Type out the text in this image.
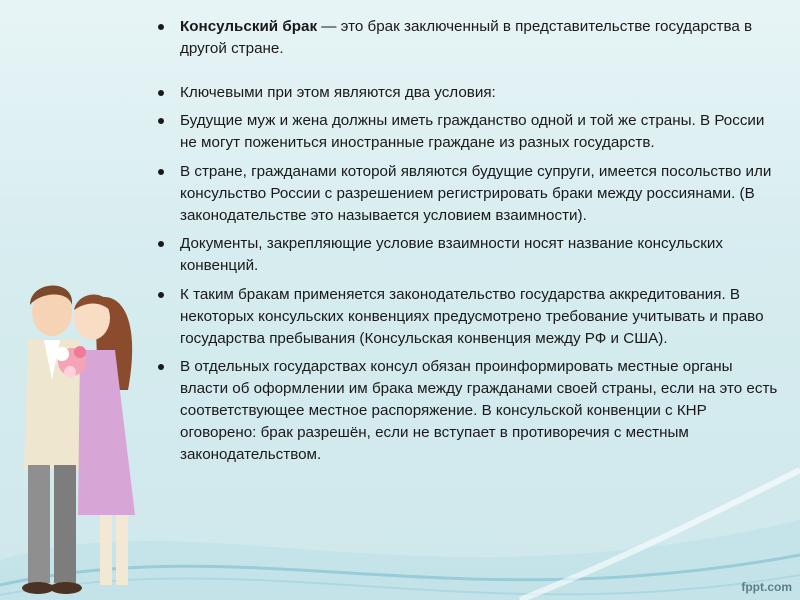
Консульский брак — это брак заключенный в представительстве государства в другой стране.
Ключевыми при этом являются два условия:
Будущие муж и жена должны иметь гражданство одной и той же страны. В России не могут пожениться иностранные граждане из разных государств.
В стране, гражданами которой являются будущие супруги, имеется посольство или консульство России с разрешением регистрировать браки между россиянами. (В законодательстве это называется условием взаимности).
Документы, закрепляющие условие взаимности носят название консульских конвенций.
К таким бракам применяется законодательство государства аккредитования. В некоторых консульских конвенциях предусмотрено требование учитывать и право государства пребывания (Консульская конвенция между РФ и США).
В отдельных государствах консул обязан проинформировать местные органы власти об оформлении им брака между гражданами своей страны, если на это есть соответствующее местное распоряжение. В консульской конвенции с КНР оговорено: брак разрешён, если не вступает в противоречия с местным законодательством.
fppt.com
